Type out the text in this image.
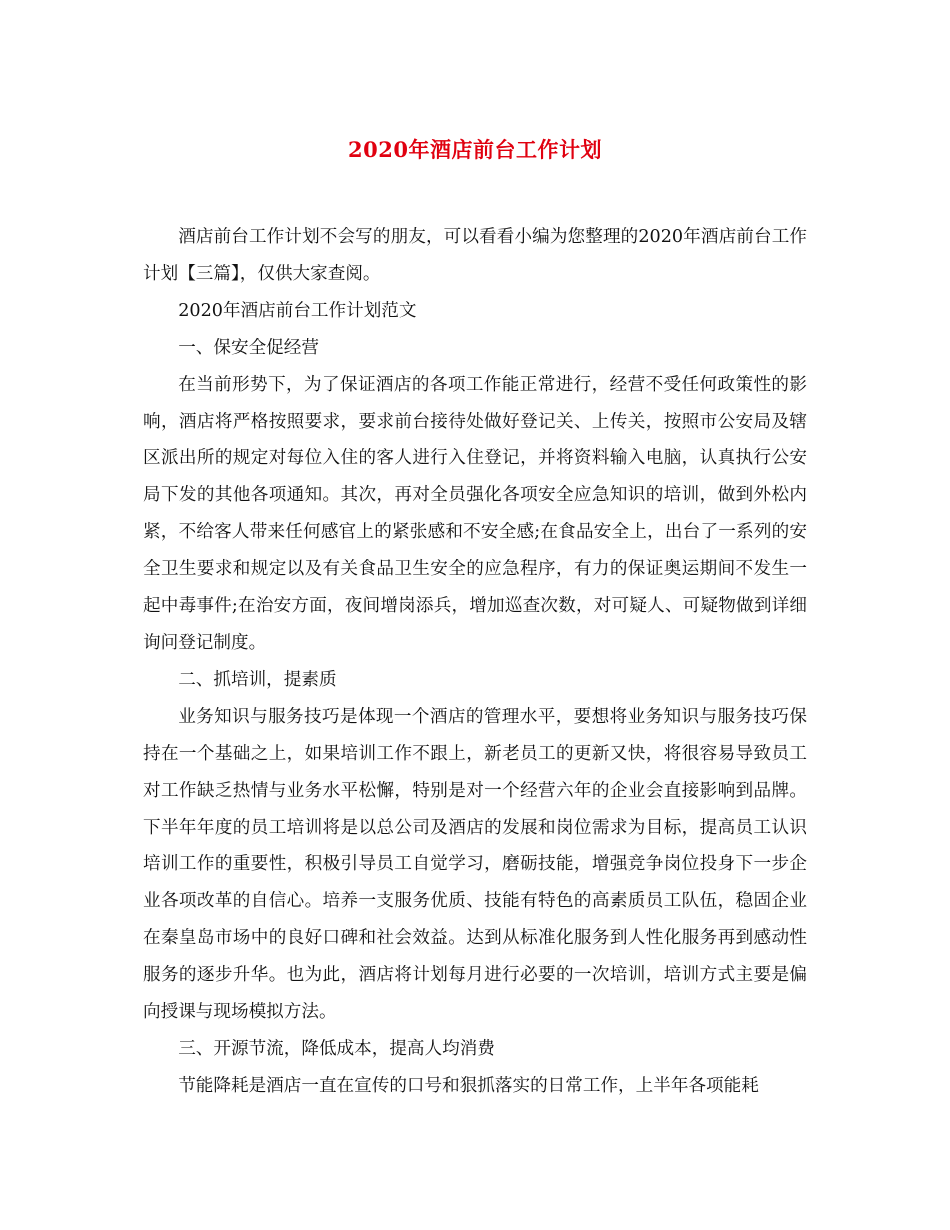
2020年酒店前台工作计划

酒店前台工作计划不会写的朋友，可以看看小编为您整理的2020年酒店前台工作计划【三篇】，仅供大家查阅。

2020年酒店前台工作计划范文

一、保安全促经营

在当前形势下，为了保证酒店的各项工作能正常进行，经营不受任何政策性的影响，酒店将严格按照要求，要求前台接待处做好登记关、上传关，按照市公安局及辖区派出所的规定对每位入住的客人进行入住登记，并将资料输入电脑，认真执行公安局下发的其他各项通知。其次，再对全员强化各项安全应急知识的培训，做到外松内紧，不给客人带来任何感官上的紧张感和不安全感;在食品安全上，出台了一系列的安全卫生要求和规定以及有关食品卫生安全的应急程序，有力的保证奥运期间不发生一起中毒事件;在治安方面，夜间增岗添兵，增加巡查次数，对可疑人、可疑物做到详细询问登记制度。

二、抓培训，提素质

业务知识与服务技巧是体现一个酒店的管理水平，要想将业务知识与服务技巧保持在一个基础之上，如果培训工作不跟上，新老员工的更新又快，将很容易导致员工对工作缺乏热情与业务水平松懈，特别是对一个经营六年的企业会直接影响到品牌。下半年年度的员工培训将是以总公司及酒店的发展和岗位需求为目标，提高员工认识培训工作的重要性，积极引导员工自觉学习，磨砺技能，增强竞争岗位投身下一步企业各项改革的自信心。培养一支服务优质、技能有特色的高素质员工队伍，稳固企业在秦皇岛市场中的良好口碑和社会效益。达到从标准化服务到人性化服务再到感动性服务的逐步升华。也为此，酒店将计划每月进行必要的一次培训，培训方式主要是偏向授课与现场模拟方法。

三、开源节流，降低成本，提高人均消费

节能降耗是酒店一直在宣传的口号和狠抓落实的日常工作，上半年各项能耗
